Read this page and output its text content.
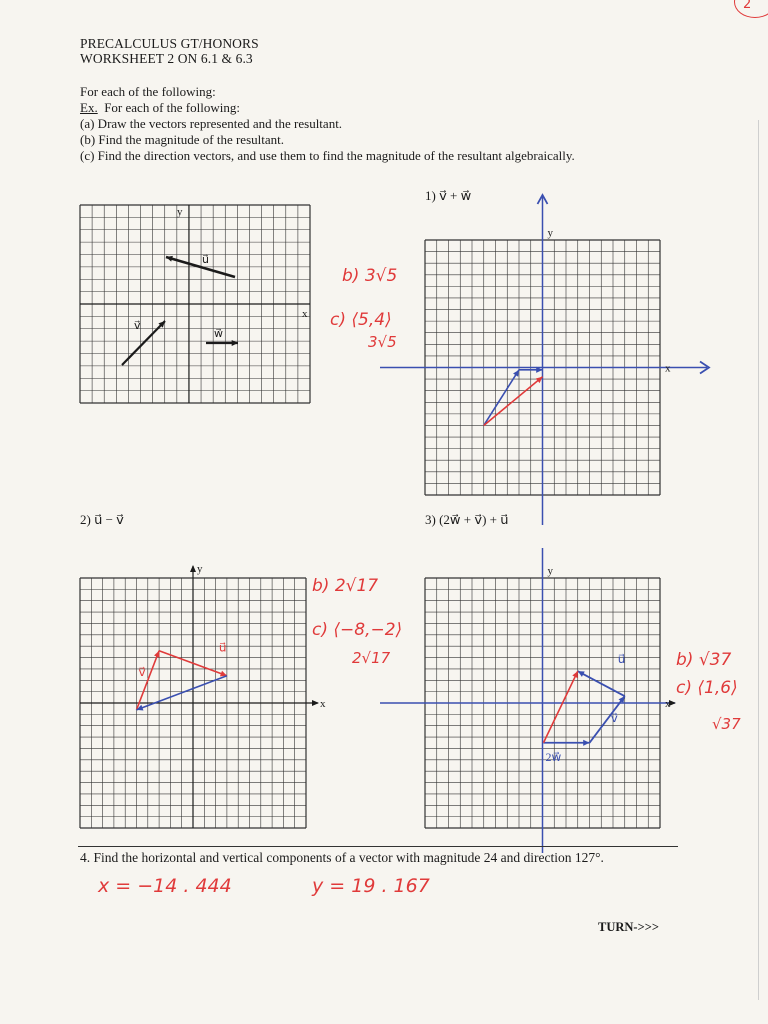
2
PRECALCULUS GT/HONORS
WORKSHEET 2 ON 6.1 & 6.3
For each of the following:
Ex. For each of the following:
(a) Draw the vectors represented and the resultant.
(b) Find the magnitude of the resultant.
(c) Find the direction vectors, and use them to find the magnitude of the resultant algebraically.
y
x
u⃗
v⃗
w⃗
1) v⃗ + w⃗
y
x
b) 3√5
c) ⟨5,4⟩
3√5
2) u⃗ − v⃗
y
x
v⃗
u⃗
b) 2√17
c) ⟨−8,−2⟩
2√17
3) (2w⃗ + v⃗) + u⃗
y
x
2w⃗
v⃗
u⃗	b) √37
c) ⟨1,6⟩
√37
4. Find the horizontal and vertical components of a vector with magnitude 24 and direction 127°.
x = −14 . 444	y = 19 . 167
TURN->>>
